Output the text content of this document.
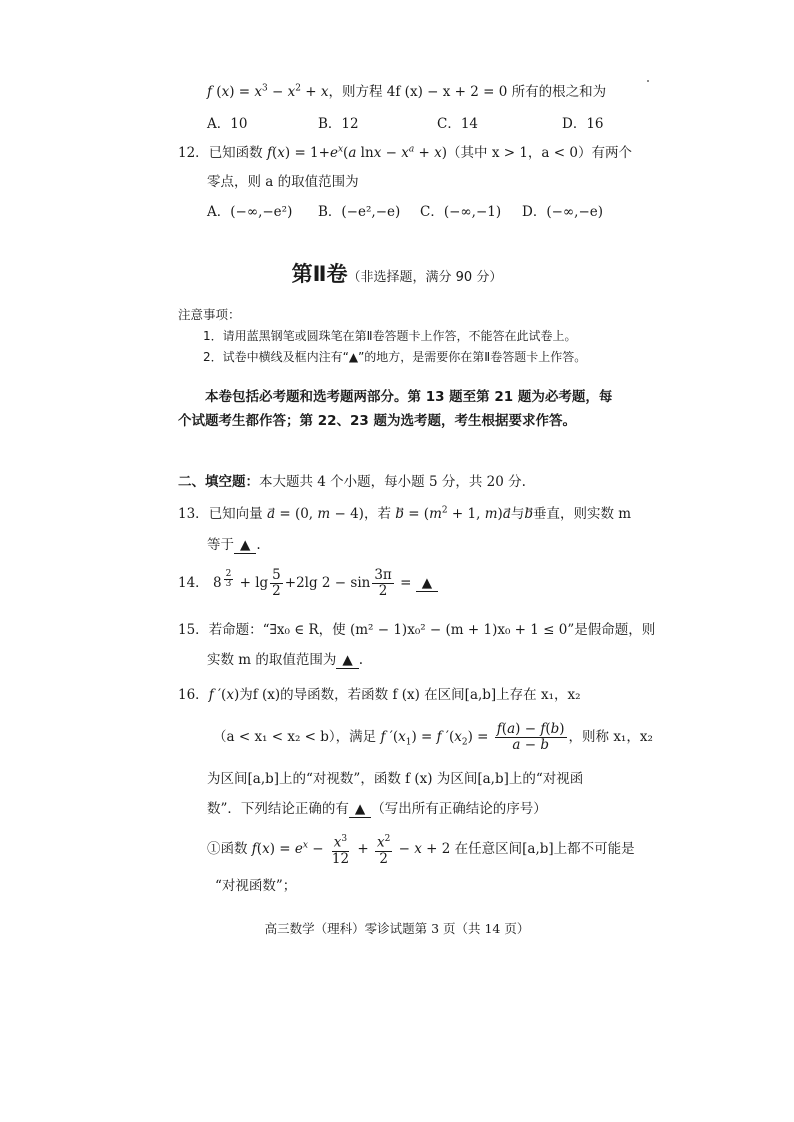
f $(x) = x^3 - x^2 + x$，则方程 4f (x) − x + 2 = 0 所有的根之和为
A．10	B．12	C．14	D．16
12．已知函数 $f(x) = 1+e^x(a$ $\ln x - x^a + x$)（其中 x > 1，a < 0）有两个
零点，则 a 的取值范围为
A．(−∞,−e²) B．(−e²,−e) C．(−∞,−1) D．(−∞,−e)
第Ⅱ卷（非选择题，满分 90 分）
注意事项：
1．请用蓝黑钢笔或圆珠笔在第Ⅱ卷答题卡上作答，不能答在此试卷上。
2．试卷中横线及框内注有“▲”的地方，是需要你在第Ⅱ卷答题卡上作答。
本卷包括必考题和选考题两部分。第 13 题至第 21 题为必考题，每
个试题考生都作答；第 22、23 题为选考题，考生根据要求作答。
二、填空题：本大题共 4 个小题，每小题 5 分，共 20 分.
13．已知向量 a⃗ = (0, m − 4)，若 b⃗ = ($m^2 + 1$, m)a与b垂直，则实数 m
等于 ▲ .
14． 8 $^{\frac{2}{3}} + \lg \frac{5}{2} +2\lg$ $2 - \sin \frac{3\pi}{2}$ = ▲
15．若命题：“∃x₀ ∈ R，使 (m² − 1)x₀² − (m + 1)x₀ + 1 ≤ 0”是假命题，则
实数 m 的取值范围为 ▲ .
16．f ′(x)为f (x)的导函数，若函数 f (x) 在区间[a,b]上存在 x₁，x₂
（a < x₁ < x₂ < b），满足 f $'(x_1) = f$ $'(x_2) = \frac{f(a) - f(b)}{a - b}$ ，则称 x₁，x₂
为区间[a,b]上的“对视数”，函数 f (x) 为区间[a,b]上的“对视函
数”．下列结论正确的有 ▲ （写出所有正确结论的序号）
①函数 $f(x) = e^x - \frac{x^3}{12} + \frac{x^2}{2} - x + 2$ 在任意区间[a,b]上都不可能是
“对视函数”；
高三数学（理科）零诊试题第 3 页（共 14 页）
